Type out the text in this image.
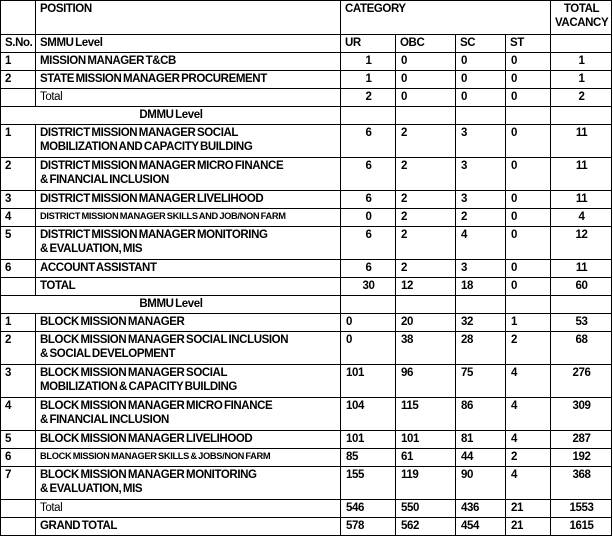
	POSITION	CATEGORY				TOTAL
VACANCY
S.No.	SMMU Level	UR	OBC	SC	ST	
1	MISSION MANAGER T&CB	1	0	0	0	1
2	STATE MISSION MANAGER PROCUREMENT	1	0	0	0	1
	Total	2	0	0	0	2
DMMU Level						
1	DISTRICT MISSION MANAGER SOCIAL
MOBILIZATION AND CAPACITY BUILDING	6	2	3	0	11
2	DISTRICT MISSION MANAGER MICRO FINANCE
& FINANCIAL INCLUSION	6	2	3	0	11
3	DISTRICT MISSION MANAGER LIVELIHOOD	6	2	3	0	11
4	DISTRICT MISSION MANAGER SKILLS AND JOB/NON FARM	0	2	2	0	4
5	DISTRICT MISSION MANAGER MONITORING
& EVALUATION, MIS	6	2	4	0	12
6	ACCOUNT ASSISTANT	6	2	3	0	11
	TOTAL	30	12	18	0	60
BMMU Level						
1	BLOCK MISSION MANAGER	0	20	32	1	53
2	BLOCK MISSION MANAGER SOCIAL INCLUSION
& SOCIAL DEVELOPMENT	0	38	28	2	68
3	BLOCK MISSION MANAGER SOCIAL
MOBILIZATION & CAPACITY BUILDING	101	96	75	4	276
4	BLOCK MISSION MANAGER MICRO FINANCE
& FINANCIAL INCLUSION	104	115	86	4	309
5	BLOCK MISSION MANAGER LIVELIHOOD	101	101	81	4	287
6	BLOCK MISSION MANAGER SKILLS & JOBS/NON FARM	85	61	44	2	192
7	BLOCK MISSION MANAGER MONITORING
& EVALUATION, MIS	155	119	90	4	368
	Total	546	550	436	21	1553
	GRAND TOTAL	578	562	454	21	1615
